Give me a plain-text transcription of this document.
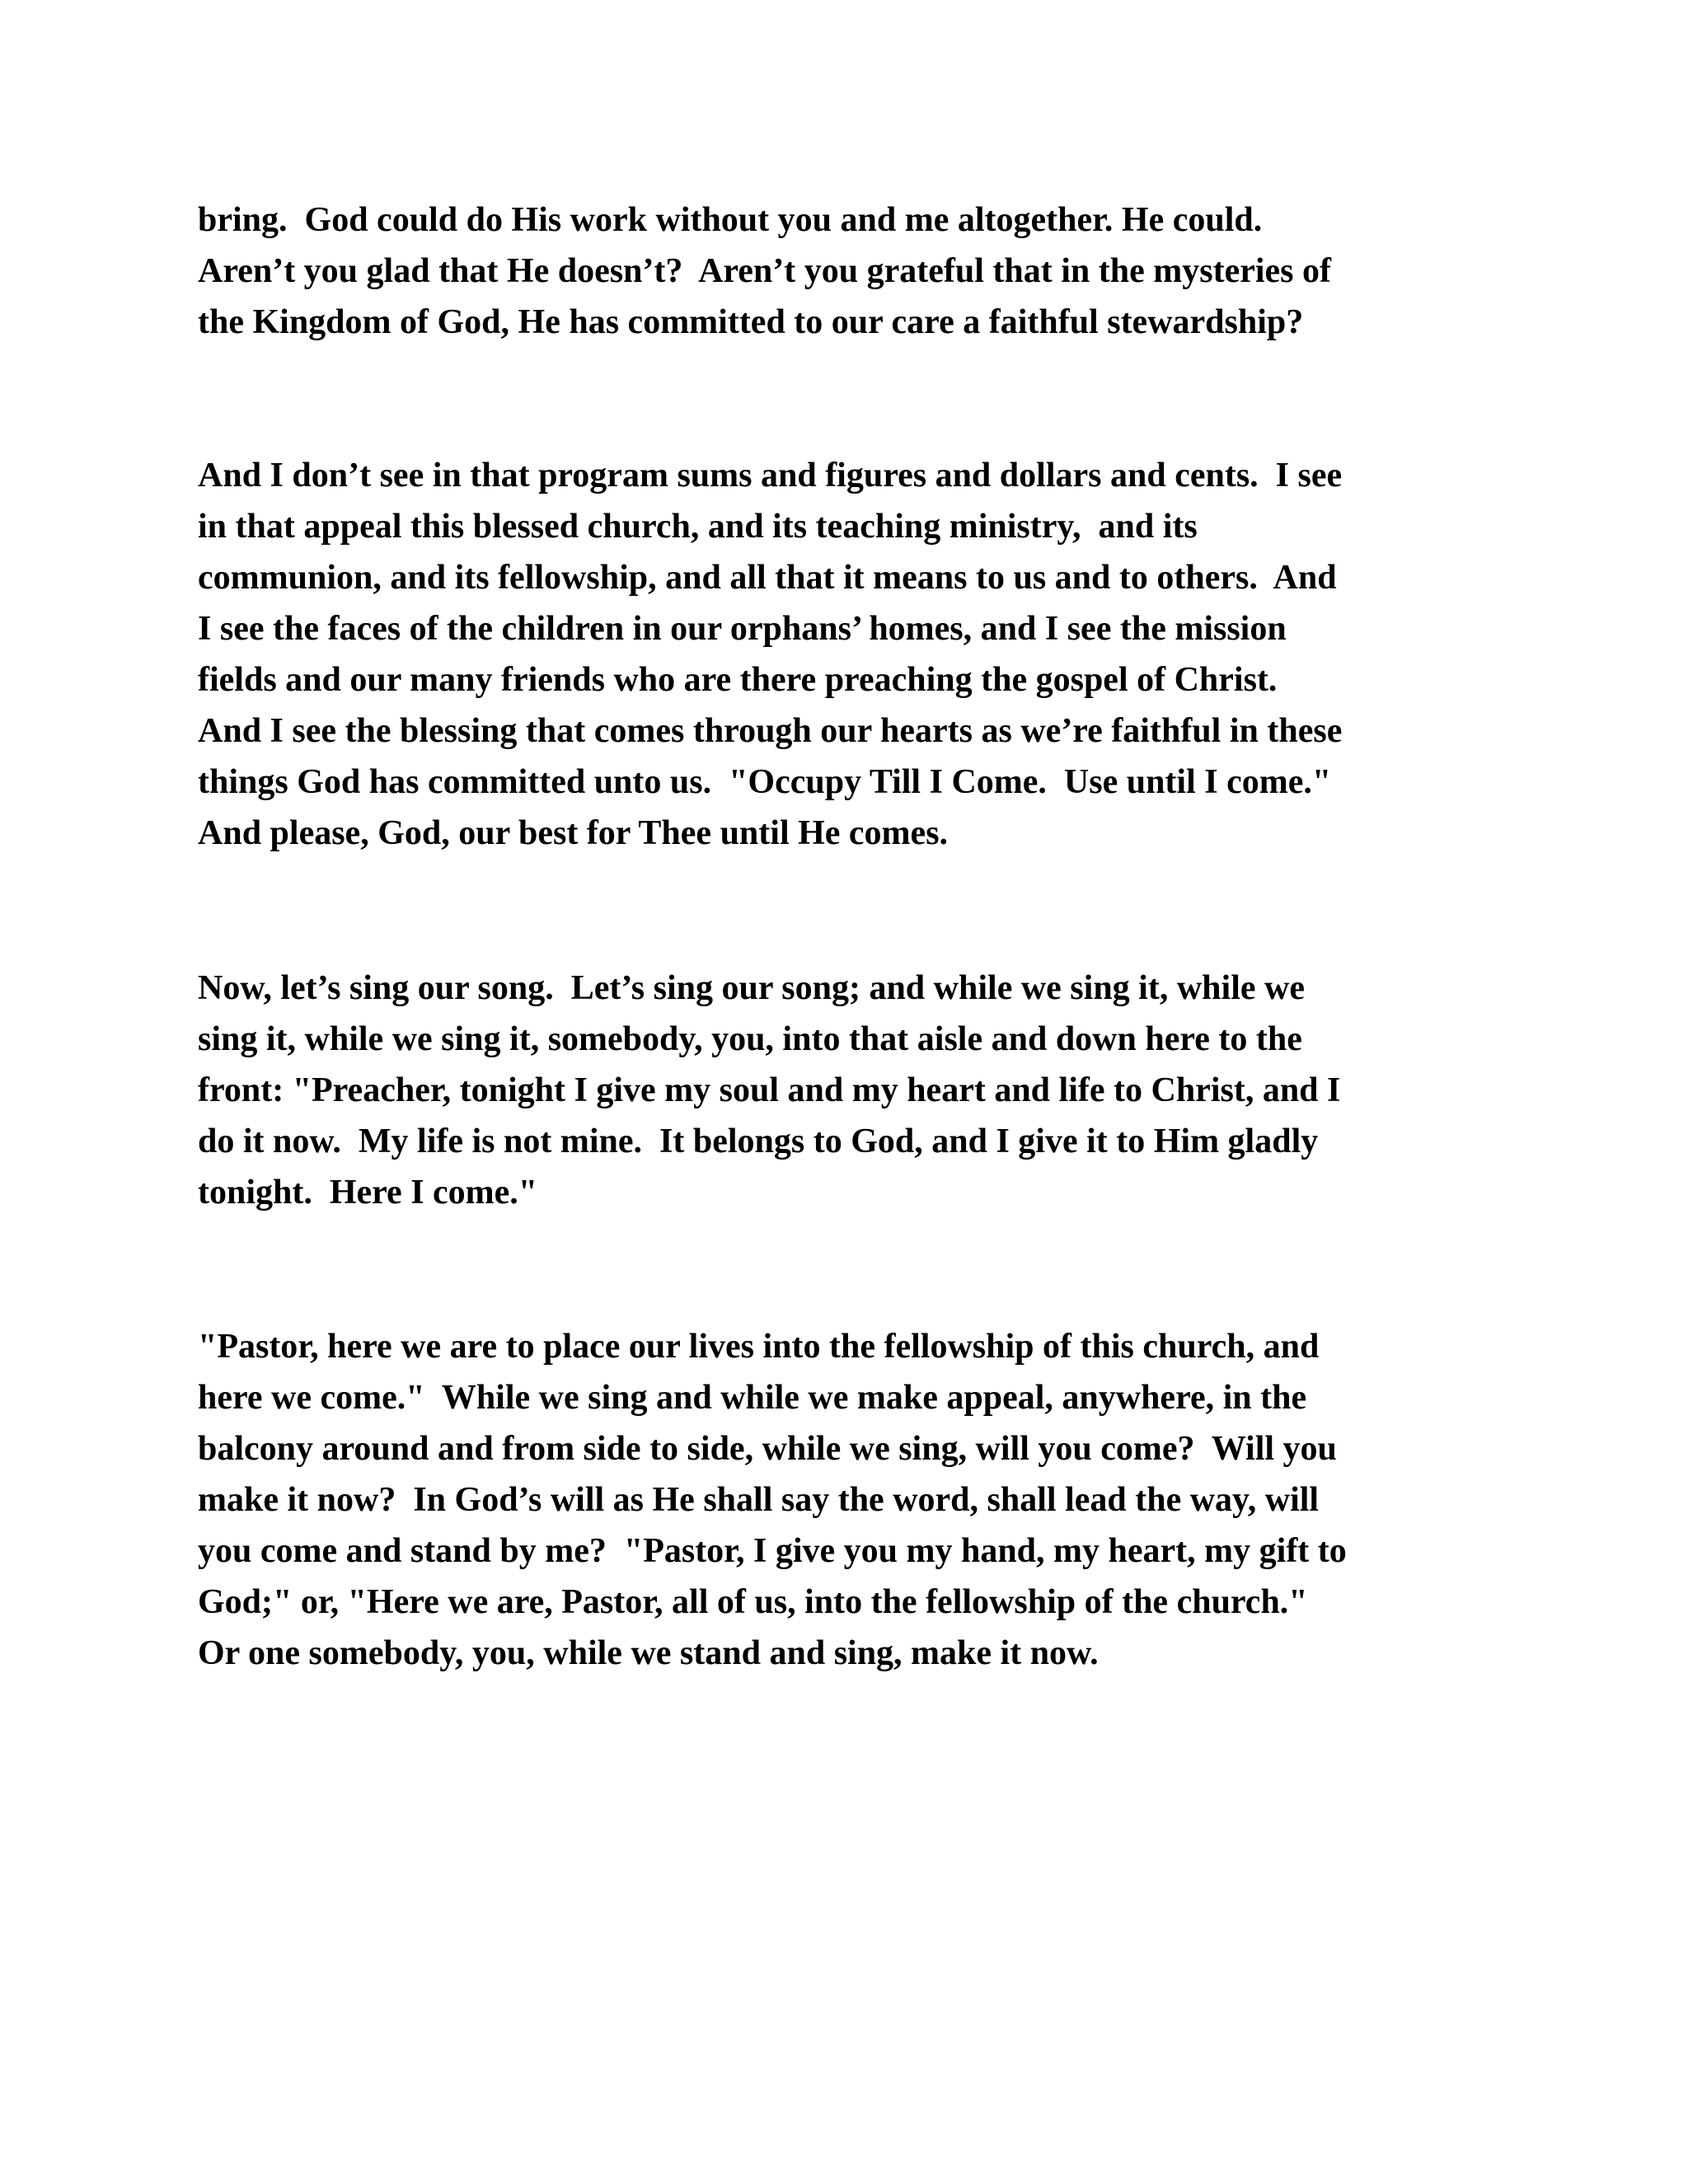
bring.  God could do His work without you and me altogether. He could.
Aren’t you glad that He doesn’t?  Aren’t you grateful that in the mysteries of
the Kingdom of God, He has committed to our care a faithful stewardship?
And I don’t see in that program sums and figures and dollars and cents.  I see
in that appeal this blessed church, and its teaching ministry,  and its
communion, and its fellowship, and all that it means to us and to others.  And
I see the faces of the children in our orphans’ homes, and I see the mission
fields and our many friends who are there preaching the gospel of Christ.
And I see the blessing that comes through our hearts as we’re faithful in these
things God has committed unto us.  "Occupy Till I Come.  Use until I come."
And please, God, our best for Thee until He comes.
Now, let’s sing our song.  Let’s sing our song; and while we sing it, while we
sing it, while we sing it, somebody, you, into that aisle and down here to the
front: "Preacher, tonight I give my soul and my heart and life to Christ, and I
do it now.  My life is not mine.  It belongs to God, and I give it to Him gladly
tonight.  Here I come."
"Pastor, here we are to place our lives into the fellowship of this church, and
here we come."  While we sing and while we make appeal, anywhere, in the
balcony around and from side to side, while we sing, will you come?  Will you
make it now?  In God’s will as He shall say the word, shall lead the way, will
you come and stand by me?  "Pastor, I give you my hand, my heart, my gift to
God;" or, "Here we are, Pastor, all of us, into the fellowship of the church."
Or one somebody, you, while we stand and sing, make it now.
